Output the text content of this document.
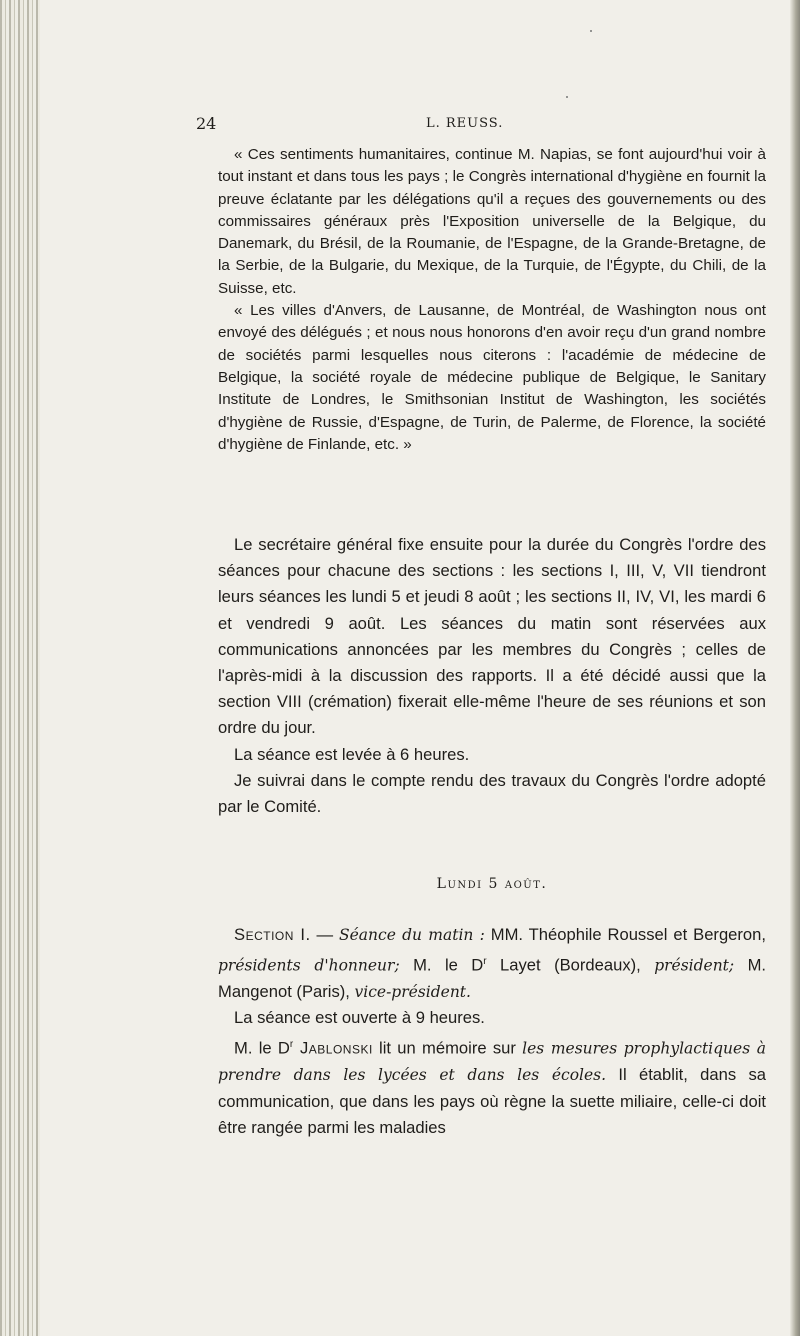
24	L. REUSS.

« Ces sentiments humanitaires, continue M. Napias, se font aujourd'hui voir à tout instant et dans tous les pays ; le Congrès international d'hygiène en fournit la preuve éclatante par les délégations qu'il a reçues des gouvernements ou des commissaires généraux près l'Exposition universelle de la Belgique, du Danemark, du Brésil, de la Roumanie, de l'Espagne, de la Grande-Bretagne, de la Serbie, de la Bulgarie, du Mexique, de la Turquie, de l'Égypte, du Chili, de la Suisse, etc.

« Les villes d'Anvers, de Lausanne, de Montréal, de Washington nous ont envoyé des délégués ; et nous nous honorons d'en avoir reçu d'un grand nombre de sociétés parmi lesquelles nous citerons : l'académie de médecine de Belgique, la société royale de médecine publique de Belgique, le Sanitary Institute de Londres, le Smithsonian Institut de Washington, les sociétés d'hygiène de Russie, d'Espagne, de Turin, de Palerme, de Florence, la société d'hygiène de Finlande, etc. »

Le secrétaire général fixe ensuite pour la durée du Congrès l'ordre des séances pour chacune des sections : les sections I, III, V, VII tiendront leurs séances les lundi 5 et jeudi 8 août ; les sections II, IV, VI, les mardi 6 et vendredi 9 août. Les séances du matin sont réservées aux communications annoncées par les membres du Congrès ; celles de l'après-midi à la discussion des rapports. Il a été décidé aussi que la section VIII (crémation) fixerait elle-même l'heure de ses réunions et son ordre du jour.

La séance est levée à 6 heures.

Je suivrai dans le compte rendu des travaux du Congrès l'ordre adopté par le Comité.

Lundi 5 août.

Section I. — Séance du matin : MM. Théophile Roussel et Bergeron, présidents d'honneur; M. le $D^r$ Layet (Bordeaux), président; M. Mangenot (Paris), vice-président.

La séance est ouverte à 9 heures.

M. le $D^r$ Jablonski lit un mémoire sur les mesures prophylactiques à prendre dans les lycées et dans les écoles. Il établit, dans sa communication, que dans les pays où règne la suette miliaire, celle-ci doit être rangée parmi les maladies
